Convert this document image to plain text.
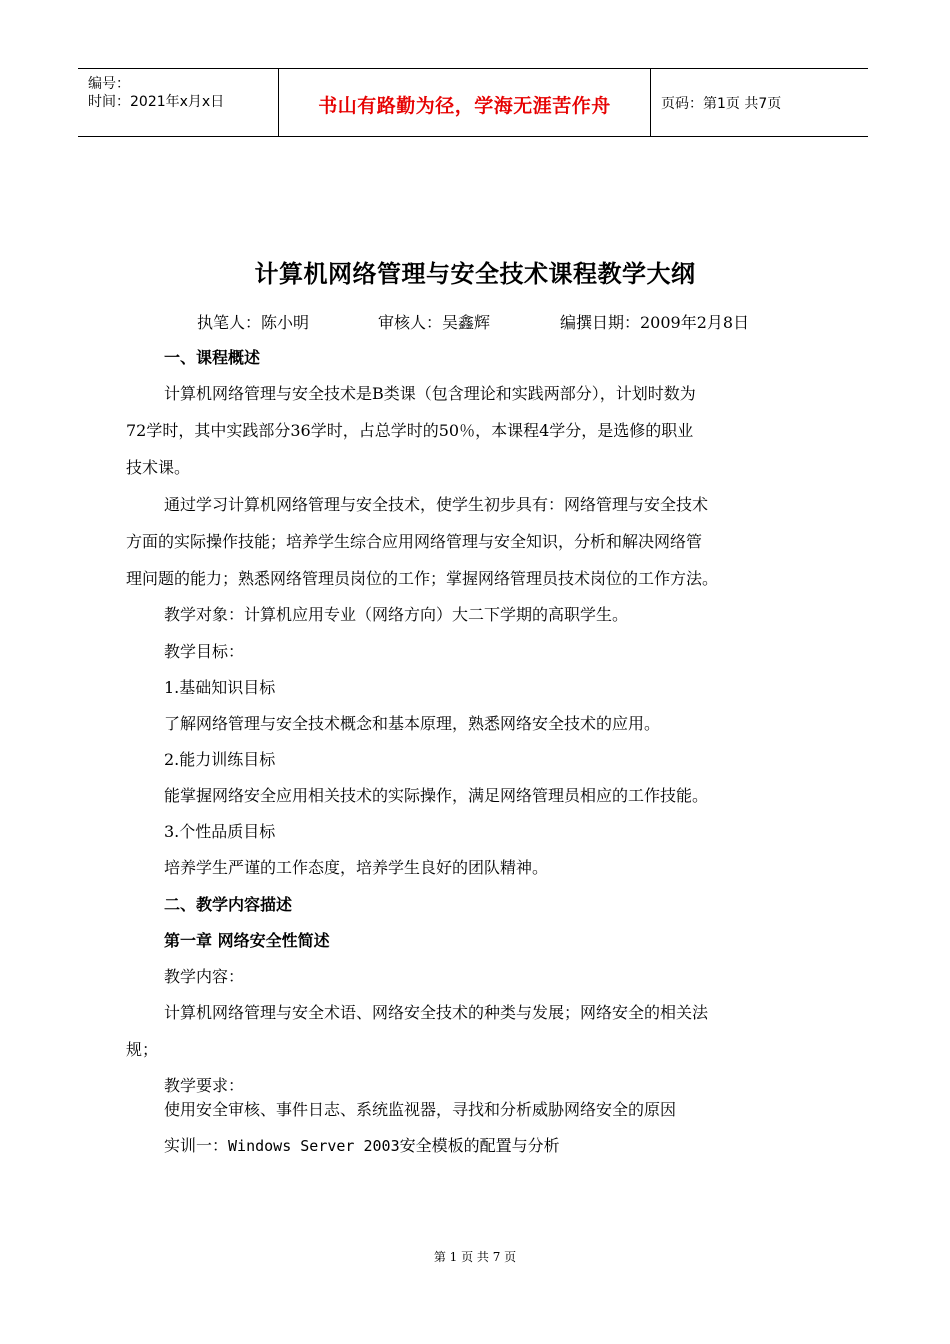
编号：
时间：2021年x月x日	书山有路勤为径，学海无涯苦作舟	页码：第1页 共7页
计算机网络管理与安全技术课程教学大纲
执笔人：陈小明	审核人：吴鑫辉	编撰日期：2009年2月8日
一、课程概述
计算机网络管理与安全技术是B类课（包含理论和实践两部分），计划时数为
72学时，其中实践部分36学时，占总学时的50％，本课程4学分，是选修的职业
技术课。
通过学习计算机网络管理与安全技术，使学生初步具有：网络管理与安全技术
方面的实际操作技能；培养学生综合应用网络管理与安全知识，分析和解决网络管
理问题的能力；熟悉网络管理员岗位的工作；掌握网络管理员技术岗位的工作方法。
教学对象：计算机应用专业（网络方向）大二下学期的高职学生。
教学目标：
1.基础知识目标
了解网络管理与安全技术概念和基本原理，熟悉网络安全技术的应用。
2.能力训练目标
能掌握网络安全应用相关技术的实际操作，满足网络管理员相应的工作技能。
3.个性品质目标
培养学生严谨的工作态度，培养学生良好的团队精神。
二、教学内容描述
第一章 网络安全性简述
教学内容：
计算机网络管理与安全术语、网络安全技术的种类与发展；网络安全的相关法
规；
教学要求：
使用安全审核、事件日志、系统监视器，寻找和分析威胁网络安全的原因
实训一：Windows Server 2003安全模板的配置与分析
第 1 页 共 7 页
